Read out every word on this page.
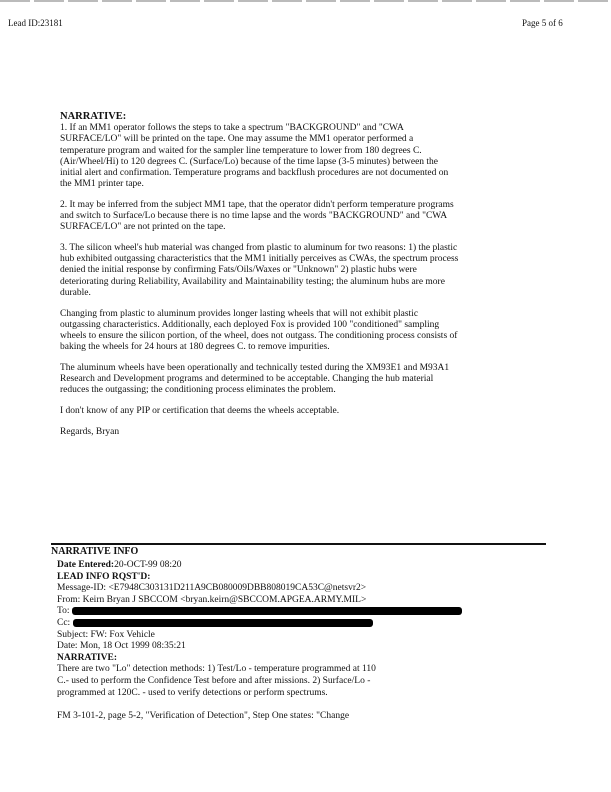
Lead ID:23181	Page 5 of 6
NARRATIVE:

1. If an MM1 operator follows the steps to take a spectrum "BACKGROUND" and "CWA SURFACE/LO" will be printed on the tape. One may assume the MM1 operator performed a temperature program and waited for the sampler line temperature to lower from 180 degrees C. (Air/Wheel/Hi) to 120 degrees C. (Surface/Lo) because of the time lapse (3-5 minutes) between the initial alert and confirmation. Temperature programs and backflush procedures are not documented on the MM1 printer tape.

2. It may be inferred from the subject MM1 tape, that the operator didn't perform temperature programs and switch to Surface/Lo because there is no time lapse and the words "BACKGROUND" and "CWA SURFACE/LO" are not printed on the tape.

3. The silicon wheel's hub material was changed from plastic to aluminum for two reasons: 1) the plastic hub exhibited outgassing characteristics that the MM1 initially perceives as CWAs, the spectrum process denied the initial response by confirming Fats/Oils/Waxes or "Unknown" 2) plastic hubs were deteriorating during Reliability, Availability and Maintainability testing; the aluminum hubs are more durable.

Changing from plastic to aluminum provides longer lasting wheels that will not exhibit plastic outgassing characteristics. Additionally, each deployed Fox is provided 100 "conditioned" sampling wheels to ensure the silicon portion, of the wheel, does not outgass. The conditioning process consists of baking the wheels for 24 hours at 180 degrees C. to remove impurities.

The aluminum wheels have been operationally and technically tested during the XM93E1 and M93A1 Research and Development programs and determined to be acceptable. Changing the hub material reduces the outgassing; the conditioning process eliminates the problem.

I don't know of any PIP or certification that deems the wheels acceptable.

Regards, Bryan

NARRATIVE INFO
Date Entered:20-OCT-99 08:20
LEAD INFO RQST'D:
Message-ID: <E7948C303131D211A9CB080009DBB808019CA53C@netsvr2>
From: Keirn Bryan J SBCCOM <bryan.keirn@SBCCOM.APGEA.ARMY.MIL>
To:
Cc:
Subject: FW: Fox Vehicle
Date: Mon, 18 Oct 1999 08:35:21
NARRATIVE:

There are two "Lo" detection methods: 1) Test/Lo - temperature programmed at 110 C.- used to perform the Confidence Test before and after missions. 2) Surface/Lo - programmed at 120C. - used to verify detections or perform spectrums.

FM 3-101-2, page 5-2, "Verification of Detection", Step One states: "Change
